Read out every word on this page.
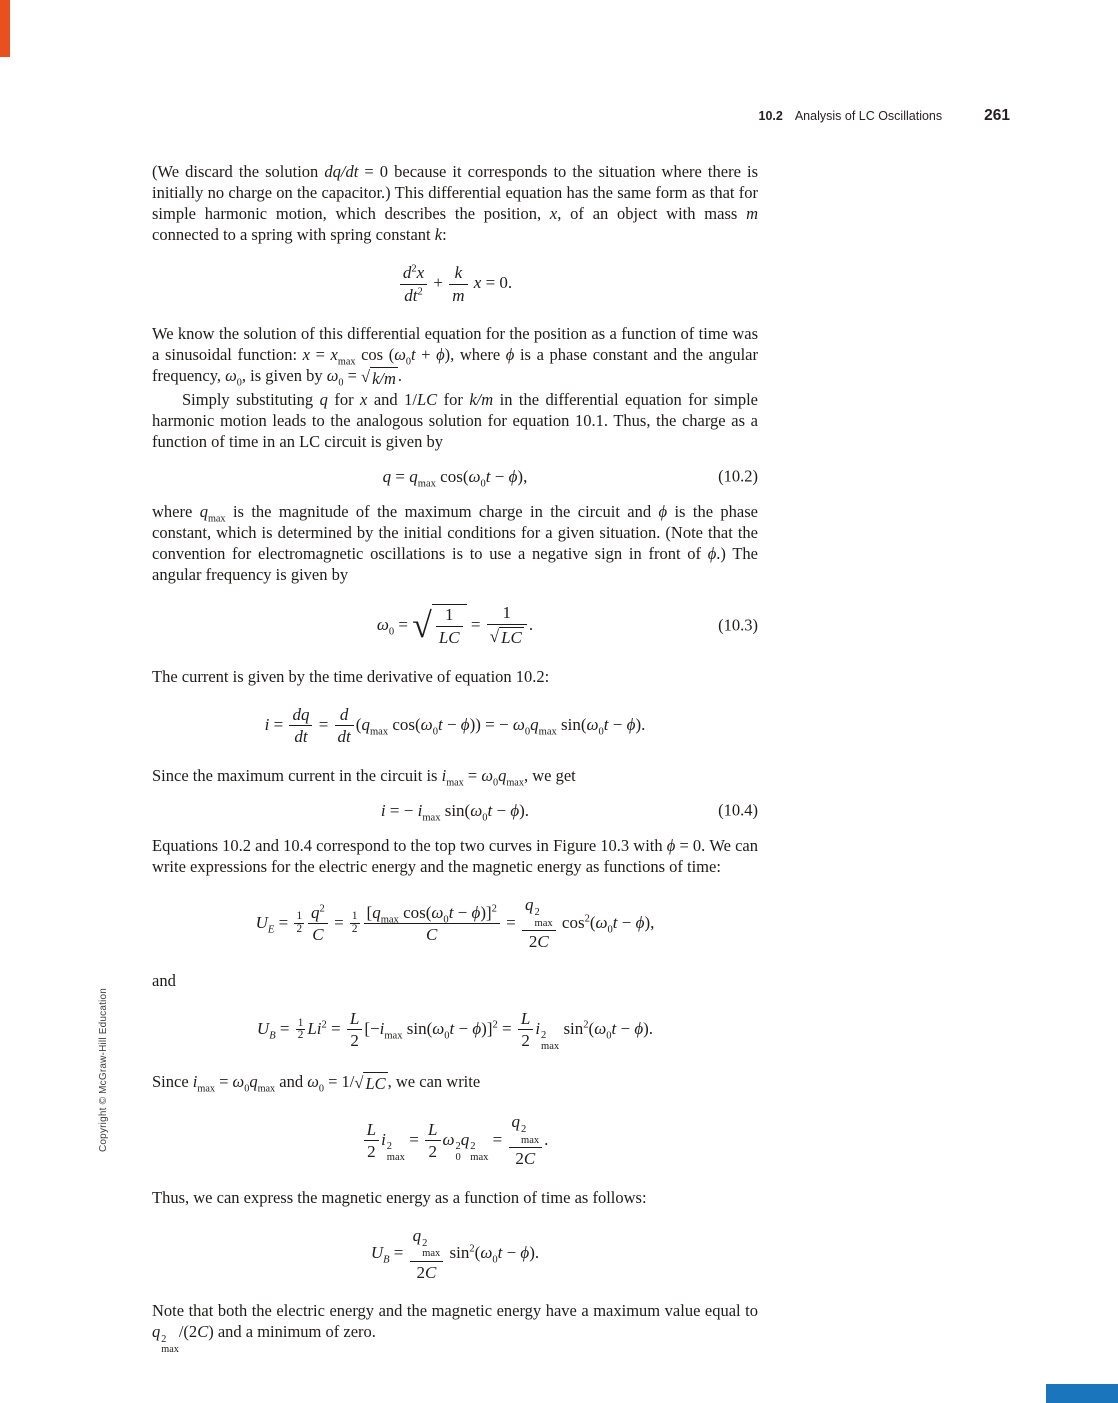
10.2 Analysis of LC Oscillations	261
Copyright © McGraw-Hill Education

(We discard the solution dq/dt = 0 because it corresponds to the situation where there is initially no charge on the capacitor.) This differential equation has the same form as that for simple harmonic motion, which describes the position, x, of an object with mass m connected to a spring with spring constant k:

$\frac{d^2x}{dt^2} + \frac{k}{m}$ x = 0.

We know the solution of this differential equation for the position as a function of time was a sinusoidal function: $x = x_{max}$ $\cos (\omega_0t + \phi)$, where ϕ is a phase constant and the angular frequency, $\omega_0$, is given by $\omega_0$ = √ k/m .

Simply substituting q for x and 1/LC for k/m in the differential equation for simple harmonic motion leads to the analogous solution for equation 10.1. Thus, the charge as a function of time in an LC circuit is given by

$q = q_{max}$ $\cos(\omega_0t - \phi)$,	(10.2)

where $q_{max}$ is the magnitude of the maximum charge in the circuit and ϕ is the phase constant, which is determined by the initial conditions for a given situation. (Note that the convention for electromagnetic oscillations is to use a negative sign in front of ϕ.) The angular frequency is given by

$\omega_0$ = √ $\frac{1}{LC} = \frac{1}{√ LC}$ .	(10.3)

The current is given by the time derivative of equation 10.2:

$i = \frac{dq}{dt} = \frac{d}{dt} (q_{max}$ $\cos(\omega_0t - \phi)$) = − $\omega_0q_{max}$ $\sin(\omega_0t - \phi)$.

Since the maximum current in the circuit is $i_{max} = \omega_0q_{max}$, we get

i = − $i_{max}$ $\sin(\omega_0t - \phi)$.	(10.4)

Equations 10.2 and 10.4 correspond to the top two curves in Figure 10.3 with ϕ = 0. We can write expressions for the electric energy and the magnetic energy as functions of time:

$U_E = \frac{1}{2} \frac{q^2}{C} = \frac{1}{2} \frac{[q_{max} \cos(\omega_0t - \phi)]^2}{C} = q$ 2
max
2C $\cos^2(\omega_0t - \phi)$,

and

$U_B = \frac{1}{2} Li^2 = \frac{L}{2} [-i_{max}$ $\sin(\omega_0t - \phi)]^2 = \frac{L}{2}$ i 2
max
$\sin^2(\omega_0t - \phi)$.

Since $i_{max} = \omega_0q_{max}$ and $\omega_0 = 1/√$ LC , we can write

$\frac{L}{2}$ i 2
max
= $\frac{L}{2}$ ω 2
0
q 2
max
= q 2
max
2C .

Thus, we can express the magnetic energy as a function of time as follows:

$U_B = q$ 2
max
2C $\sin^2(\omega_0t - \phi)$.

Note that both the electric energy and the magnetic energy have a maximum value equal to q 2
max
/(2C) and a minimum of zero.
